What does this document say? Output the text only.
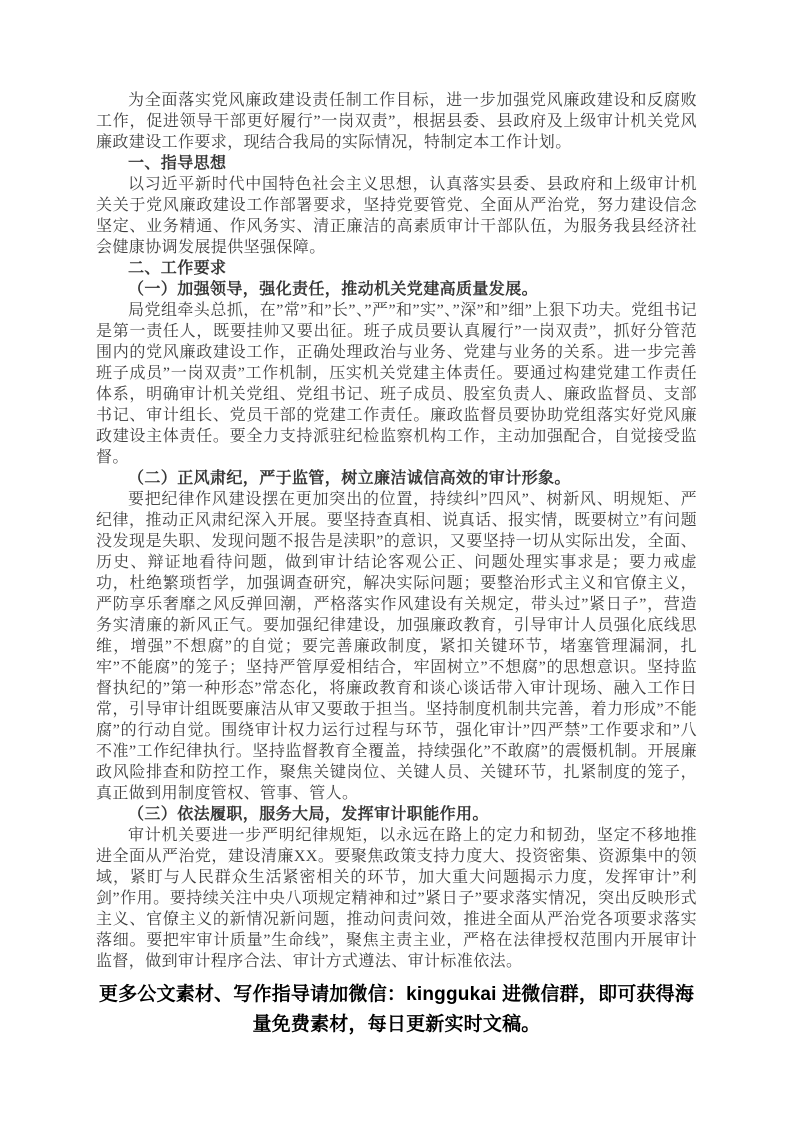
为全面落实党风廉政建设责任制工作目标，进一步加强党风廉政建设和反腐败工作，促进领导干部更好履行”一岗双责”，根据县委、县政府及上级审计机关党风廉政建设工作要求，现结合我局的实际情况，特制定本工作计划。

一、指导思想

以习近平新时代中国特色社会主义思想，认真落实县委、县政府和上级审计机关关于党风廉政建设工作部署要求，坚持党要管党、全面从严治党，努力建设信念坚定、业务精通、作风务实、清正廉洁的高素质审计干部队伍，为服务我县经济社会健康协调发展提供坚强保障。

二、工作要求

（一）加强领导，强化责任，推动机关党建高质量发展。

局党组牵头总抓，在”常”和”长”、”严”和”实”、”深”和”细”上狠下功夫。党组书记是第一责任人，既要挂帅又要出征。班子成员要认真履行”一岗双责”，抓好分管范围内的党风廉政建设工作，正确处理政治与业务、党建与业务的关系。进一步完善班子成员”一岗双责”工作机制，压实机关党建主体责任。要通过构建党建工作责任体系，明确审计机关党组、党组书记、班子成员、股室负责人、廉政监督员、支部书记、审计组长、党员干部的党建工作责任。廉政监督员要协助党组落实好党风廉政建设主体责任。要全力支持派驻纪检监察机构工作，主动加强配合，自觉接受监督。

（二）正风肃纪，严于监管，树立廉洁诚信高效的审计形象。

要把纪律作风建设摆在更加突出的位置，持续纠”四风”、树新风、明规矩、严纪律，推动正风肃纪深入开展。要坚持查真相、说真话、报实情，既要树立”有问题没发现是失职、发现问题不报告是渎职”的意识，又要坚持一切从实际出发，全面、历史、辩证地看待问题，做到审计结论客观公正、问题处理实事求是；要力戒虚功，杜绝繁琐哲学，加强调查研究，解决实际问题；要整治形式主义和官僚主义，严防享乐奢靡之风反弹回潮，严格落实作风建设有关规定，带头过”紧日子”，营造务实清廉的新风正气。要加强纪律建设，加强廉政教育，引导审计人员强化底线思维，增强”不想腐”的自觉；要完善廉政制度，紧扣关键环节，堵塞管理漏洞，扎牢”不能腐”的笼子；坚持严管厚爱相结合，牢固树立”不想腐”的思想意识。坚持监督执纪的”第一种形态”常态化，将廉政教育和谈心谈话带入审计现场、融入工作日常，引导审计组既要廉洁从审又要敢于担当。坚持制度机制共完善，着力形成”不能腐”的行动自觉。围绕审计权力运行过程与环节，强化审计”四严禁”工作要求和”八不准”工作纪律执行。坚持监督教育全覆盖，持续强化”不敢腐”的震慑机制。开展廉政风险排查和防控工作，聚焦关键岗位、关键人员、关键环节，扎紧制度的笼子，真正做到用制度管权、管事、管人。

（三）依法履职，服务大局，发挥审计职能作用。

审计机关要进一步严明纪律规矩，以永远在路上的定力和韧劲，坚定不移地推进全面从严治党，建设清廉XX。要聚焦政策支持力度大、投资密集、资源集中的领域，紧盯与人民群众生活紧密相关的环节，加大重大问题揭示力度，发挥审计”利剑”作用。要持续关注中央八项规定精神和过”紧日子”要求落实情况，突出反映形式主义、官僚主义的新情况新问题，推动问责问效，推进全面从严治党各项要求落实落细。要把牢审计质量”生命线”，聚焦主责主业，严格在法律授权范围内开展审计监督，做到审计程序合法、审计方式遵法、审计标准依法。

更多公文素材、写作指导请加微信：kinggukai 进微信群，即可获得海量免费素材，每日更新实时文稿。
